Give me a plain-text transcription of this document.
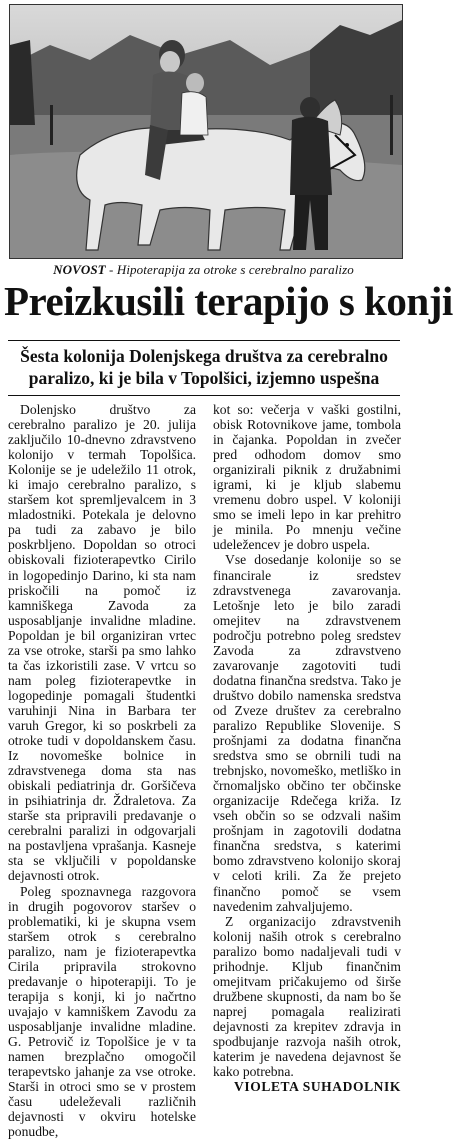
NOVOST - Hipoterapija za otroke s cerebralno paralizo
Preizkusili terapijo s konji
Šesta kolonija Dolenjskega društva za cerebralno paralizo, ki je bila v Topolšici, izjemno uspešna

Dolenjsko društvo za cerebralno paralizo je 20. julija zaključilo 10-dnevno zdravstveno kolonijo v termah Topolšica. Kolonije se je udeležilo 11 otrok, ki imajo cerebralno paralizo, s staršem kot spremljevalcem in 3 mladostniki. Potekala je delovno pa tudi za zabavo je bilo poskrbljeno. Dopoldan so otroci obiskovali fizioterapevtko Cirilo in logopedinjo Darino, ki sta nam priskočili na pomoč iz kamniškega Zavoda za usposabljanje invalidne mladine. Popoldan je bil organiziran vrtec za vse otroke, starši pa smo lahko ta čas izkoristili zase. V vrtcu so nam poleg fizioterapevtke in logopedinje pomagali študentki varuhinji Nina in Barbara ter varuh Gregor, ki so poskrbeli za otroke tudi v dopoldanskem času. Iz novomeške bolnice in zdravstvenega doma sta nas obiskali pediatrinja dr. Goršičeva in psihiatrinja dr. Ždraletova. Za starše sta pripravili predavanje o cerebralni paralizi in odgovarjali na postavljena vprašanja. Kasneje sta se vključili v popoldanske dejavnosti otrok.

Poleg spoznavnega razgovora in drugih pogovorov staršev o problematiki, ki je skupna vsem staršem otrok s cerebralno paralizo, nam je fizioterapevtka Cirila pripravila strokovno predavanje o hipoterapiji. To je terapija s konji, ki jo načrtno uvajajo v kamniškem Zavodu za usposabljanje invalidne mladine. G. Petrovič iz Topolšice je v ta namen brezplačno omogočil terapevtsko jahanje za vse otroke. Starši in otroci smo se v prostem času udeleževali različnih dejavnosti v okviru hotelske ponudbe,

kot so: večerja v vaški gostilni, obisk Rotovnikove jame, tombola in čajanka. Popoldan in zvečer pred odhodom domov smo organizirali piknik z družabnimi igrami, ki je kljub slabemu vremenu dobro uspel. V koloniji smo se imeli lepo in kar prehitro je minila. Po mnenju večine udeležencev je dobro uspela.

Vse dosedanje kolonije so se financirale iz sredstev zdravstvenega zavarovanja. Letošnje leto je bilo zaradi omejitev na zdravstvenem področju potrebno poleg sredstev Zavoda za zdravstveno zavarovanje zagotoviti tudi dodatna finančna sredstva. Tako je društvo dobilo namenska sredstva od Zveze društev za cerebralno paralizo Republike Slovenije. S prošnjami za dodatna finančna sredstva smo se obrnili tudi na trebnjsko, novomeško, metliško in črnomaljsko občino ter občinske organizacije Rdečega križa. Iz vseh občin so se odzvali našim prošnjam in zagotovili dodatna finančna sredstva, s katerimi bomo zdravstveno kolonijo skoraj v celoti krili. Za že prejeto finančno pomoč se vsem navedenim zahvaljujemo.

Z organizacijo zdravstvenih kolonij naših otrok s cerebralno paralizo bomo nadaljevali tudi v prihodnje. Kljub finančnim omejitvam pričakujemo od širše družbene skupnosti, da nam bo še naprej pomagala realizirati dejavnosti za krepitev zdravja in spodbujanje razvoja naših otrok, katerim je navedena dejavnost še kako potrebna.

VIOLETA SUHADOLNIK
